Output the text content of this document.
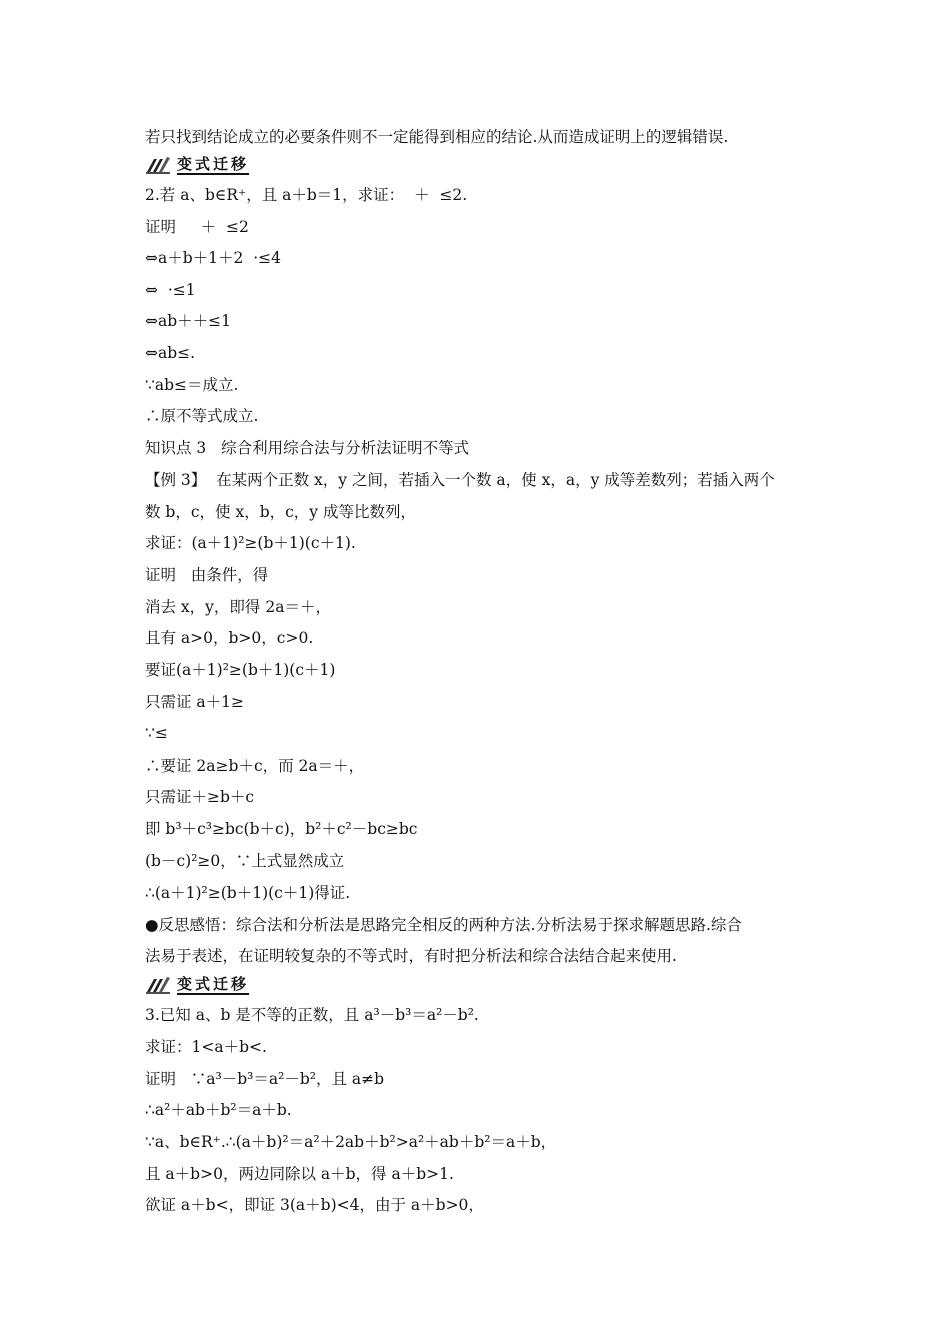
若只找到结论成立的必要条件则不一定能得到相应的结论.从而造成证明上的逻辑错误.
变式迁移
2.若 a、b∈R⁺，且 a＋b＝1，求证：  ＋  ≤2.
证明     ＋  ≤2
⇔a＋b＋1＋2  ·≤4
⇔  ·≤1
⇔ab＋＋≤1
⇔ab≤.
∵ab≤＝成立.
∴原不等式成立.
知识点 3   综合利用综合法与分析法证明不等式
【例 3】  在某两个正数 x，y 之间，若插入一个数 a，使 x，a，y 成等差数列；若插入两个
数 b，c，使 x，b，c，y 成等比数列，
求证：(a＋1)²≥(b＋1)(c＋1).
证明   由条件，得
消去 x，y，即得 2a＝＋，
且有 a>0，b>0，c>0.
要证(a＋1)²≥(b＋1)(c＋1)
只需证 a＋1≥
∵≤
∴要证 2a≥b＋c，而 2a＝＋，
只需证＋≥b＋c
即 b³＋c³≥bc(b＋c)，b²＋c²－bc≥bc
(b－c)²≥0，∵上式显然成立
∴(a＋1)²≥(b＋1)(c＋1)得证.
●反思感悟：综合法和分析法是思路完全相反的两种方法.分析法易于探求解题思路.综合
法易于表述，在证明较复杂的不等式时，有时把分析法和综合法结合起来使用.
变式迁移
3.已知 a、b 是不等的正数，且 a³－b³＝a²－b².
求证：1<a＋b<.
证明   ∵a³－b³＝a²－b²，且 a≠b
∴a²＋ab＋b²＝a＋b.
∵a、b∈R⁺.∴(a＋b)²＝a²＋2ab＋b²>a²＋ab＋b²＝a＋b，
且 a＋b>0，两边同除以 a＋b，得 a＋b>1.
欲证 a＋b<，即证 3(a＋b)<4，由于 a＋b>0，
